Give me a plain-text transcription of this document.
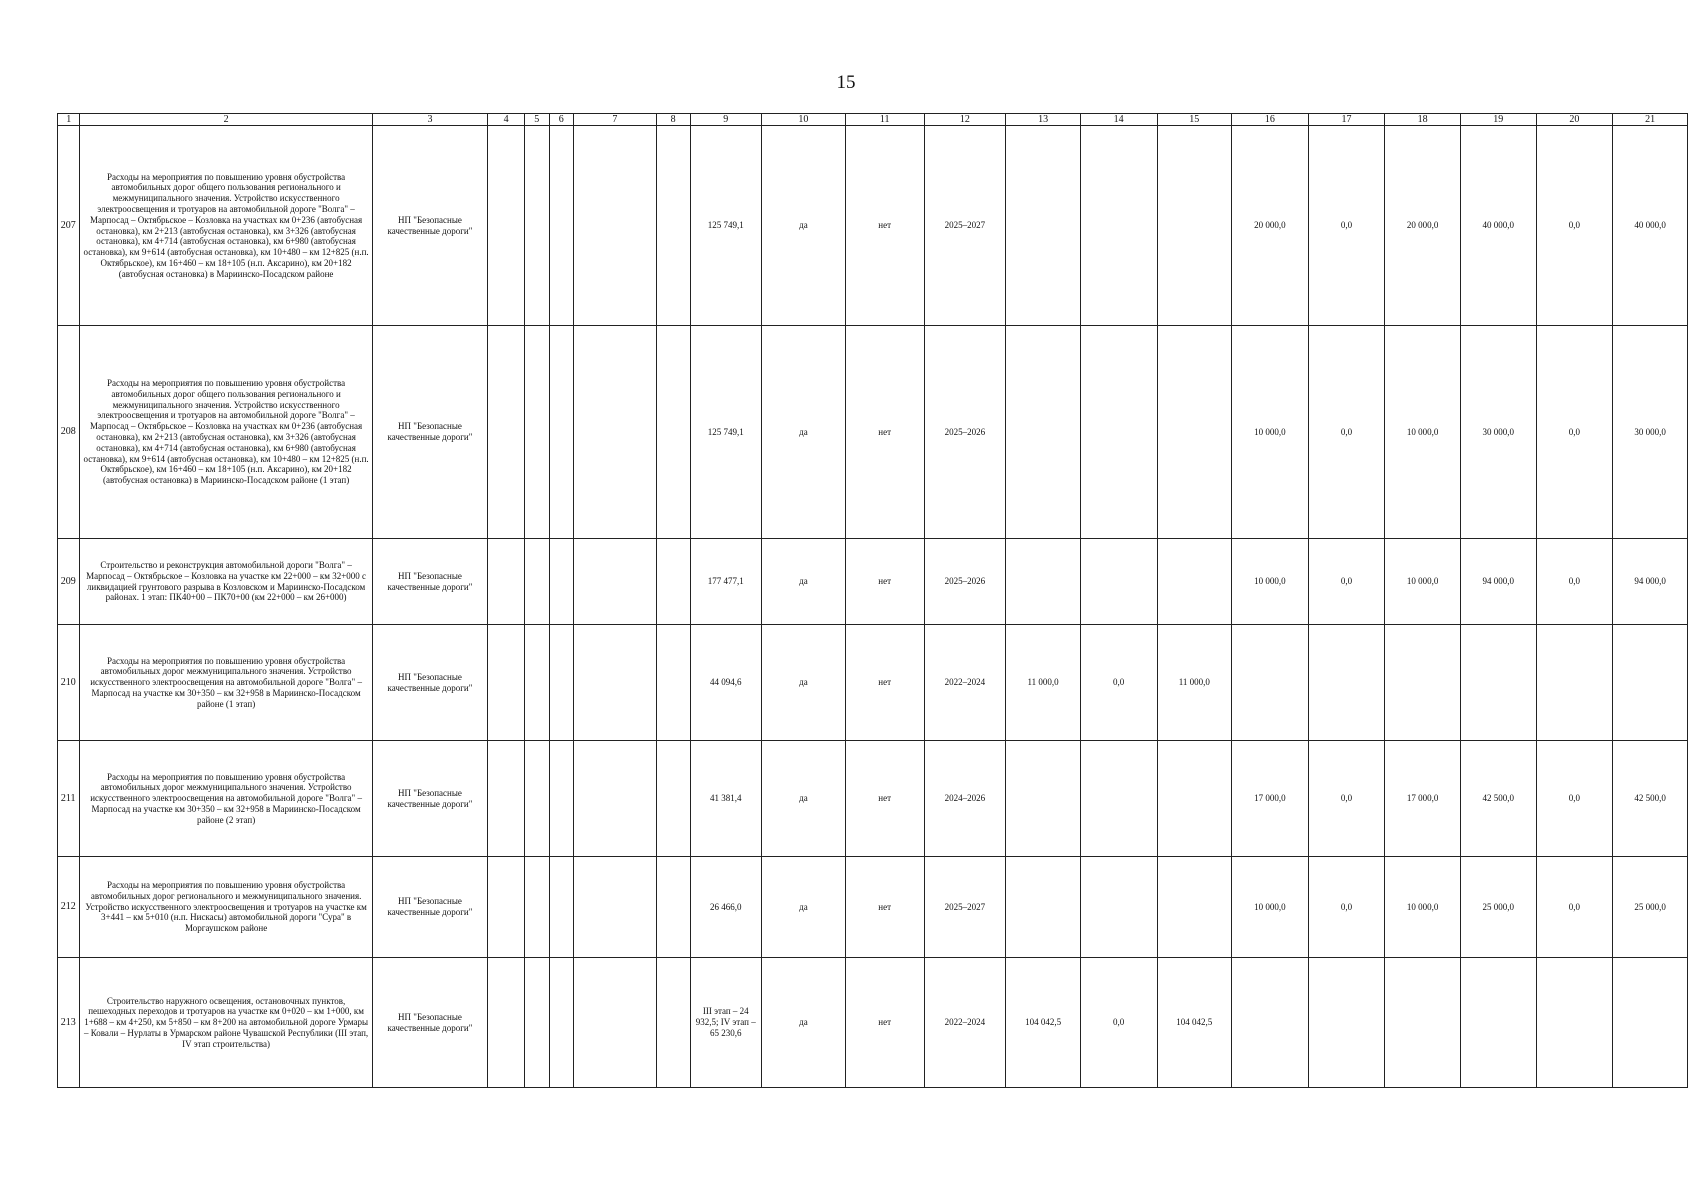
15
1	2	3	4	5	6	7	8	9	10	11	12	13	14	15	16	17	18	19	20	21
207	Расходы на мероприятия по повышению уровня обустройства автомобильных дорог общего пользования регионального и межмуниципального значения. Устройство искусственного электроосвещения и тротуаров на автомобильной дороге "Волга" – Марпосад – Октябрьское – Козловка на участках км 0+236 (автобусная остановка), км 2+213 (автобусная остановка), км 3+326 (автобусная остановка), км 4+714 (автобусная остановка), км 6+980 (автобусная остановка), км 9+614 (автобусная остановка), км 10+480 – км 12+825 (н.п. Октябрьское), км 16+460 – км 18+105 (н.п. Аксарино), км 20+182 (автобусная остановка) в Мариинско-Посадском районе	НП "Безопасные качественные дороги"						125 749,1	да	нет	2025–2027				20 000,0	0,0	20 000,0	40 000,0	0,0	40 000,0
208	Расходы на мероприятия по повышению уровня обустройства автомобильных дорог общего пользования регионального и межмуниципального значения. Устройство искусственного электроосвещения и тротуаров на автомобильной дороге "Волга" – Марпосад – Октябрьское – Козловка на участках км 0+236 (автобусная остановка), км 2+213 (автобусная остановка), км 3+326 (автобусная остановка), км 4+714 (автобусная остановка), км 6+980 (автобусная остановка), км 9+614 (автобусная остановка), км 10+480 – км 12+825 (н.п. Октябрьское), км 16+460 – км 18+105 (н.п. Аксарино), км 20+182 (автобусная остановка) в Мариинско-Посадском районе (1 этап)	НП "Безопасные качественные дороги"						125 749,1	да	нет	2025–2026				10 000,0	0,0	10 000,0	30 000,0	0,0	30 000,0
209	Строительство и реконструкция автомобильной дороги "Волга" – Марпосад – Октябрьское – Козловка на участке км 22+000 – км 32+000 с ликвидацией грунтового разрыва в Козловском и Мариинско-Посадском районах. 1 этап: ПК40+00 – ПК70+00 (км 22+000 – км 26+000)	НП "Безопасные качественные дороги"						177 477,1	да	нет	2025–2026				10 000,0	0,0	10 000,0	94 000,0	0,0	94 000,0
210	Расходы на мероприятия по повышению уровня обустройства автомобильных дорог межмуниципального значения. Устройство искусственного электроосвещения на автомобильной дороге "Волга" – Марпосад на участке км 30+350 – км 32+958 в Мариинско-Посадском районе (1 этап)	НП "Безопасные качественные дороги"						44 094,6	да	нет	2022–2024	11 000,0	0,0	11 000,0						
211	Расходы на мероприятия по повышению уровня обустройства автомобильных дорог межмуниципального значения. Устройство искусственного электроосвещения на автомобильной дороге "Волга" – Марпосад на участке км 30+350 – км 32+958 в Мариинско-Посадском районе (2 этап)	НП "Безопасные качественные дороги"						41 381,4	да	нет	2024–2026				17 000,0	0,0	17 000,0	42 500,0	0,0	42 500,0
212	Расходы на мероприятия по повышению уровня обустройства автомобильных дорог регионального и межмуниципального значения. Устройство искусственного электроосвещения и тротуаров на участке км 3+441 – км 5+010 (н.п. Нискасы) автомобильной дороги "Сура" в Моргаушском районе	НП "Безопасные качественные дороги"						26 466,0	да	нет	2025–2027				10 000,0	0,0	10 000,0	25 000,0	0,0	25 000,0
213	Строительство наружного освещения, остановочных пунктов, пешеходных переходов и тротуаров на участке км 0+020 – км 1+000, км 1+688 – км 4+250, км 5+850 – км 8+200 на автомобильной дороге Урмары – Ковали – Нурлаты в Урмарском районе Чувашской Республики (III этап, IV этап строительства)	НП "Безопасные качественные дороги"						III этап – 24 932,5; IV этап – 65 230,6	да	нет	2022–2024	104 042,5	0,0	104 042,5						
